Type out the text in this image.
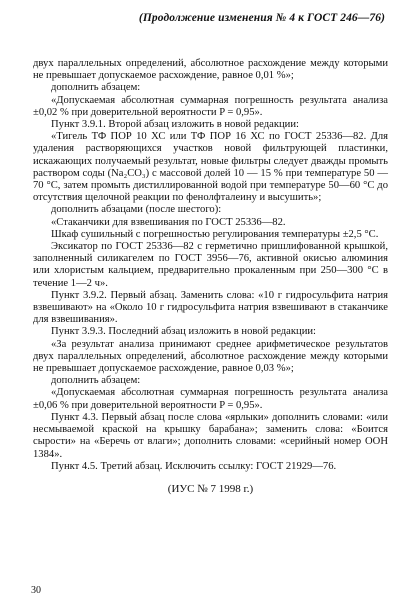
(Продолжение изменения № 4 к ГОСТ 246—76)

двух параллельных определений, абсолютное расхождение между которыми не превышает допускаемое расхождение, равное 0,01 %»;

дополнить абзацем:

«Допускаемая абсолютная суммарная погрешность результата анализа ±0,02 % при доверительной вероятности P = 0,95».

Пункт 3.9.1. Второй абзац изложить в новой редакции:

«Тигель ТФ ПОР 10 ХС или ТФ ПОР 16 ХС по ГОСТ 25336—82. Для удаления растворяющихся участков новой фильтрующей пластинки, искажающих получаемый результат, новые фильтры следует дважды промыть раствором соды (Na₂CO₃) с массовой долей 10 — 15 % при температуре 50 — 70 °С, затем промыть дистиллированной водой при температуре 50—60 °С до отсутствия щелочной реакции по фенолфталеину и высушить»;

дополнить абзацами (после шестого):

«Стаканчики для взвешивания по ГОСТ 25336—82.

Шкаф сушильный с погрешностью регулирования температуры ±2,5 °С.

Эксикатор по ГОСТ 25336—82 с герметично пришлифованной крышкой, заполненный силикагелем по ГОСТ 3956—76, активной окисью алюминия или хлористым кальцием, предварительно прокаленным при 250—300 °С в течение 1—2 ч».

Пункт 3.9.2. Первый абзац. Заменить слова: «10 г гидросульфита натрия взвешивают» на «Около 10 г гидросульфита натрия взвешивают в стаканчике для взвешивания».

Пункт 3.9.3. Последний абзац изложить в новой редакции:

«За результат анализа принимают среднее арифметическое результатов двух параллельных определений, абсолютное расхождение между которыми не превышает допускаемое расхождение, равное 0,03 %»;

дополнить абзацем:

«Допускаемая абсолютная суммарная погрешность результата анализа ±0,06 % при доверительной вероятности P = 0,95».

Пункт 4.3. Первый абзац после слова «ярлыки» дополнить словами: «или несмываемой краской на крышку барабана»; заменить слова: «Боится сырости» на «Беречь от влаги»; дополнить словами: «серийный номер ООН 1384».

Пункт 4.5. Третий абзац. Исключить ссылку: ГОСТ 21929—76.

(ИУС № 7 1998 г.)

30
